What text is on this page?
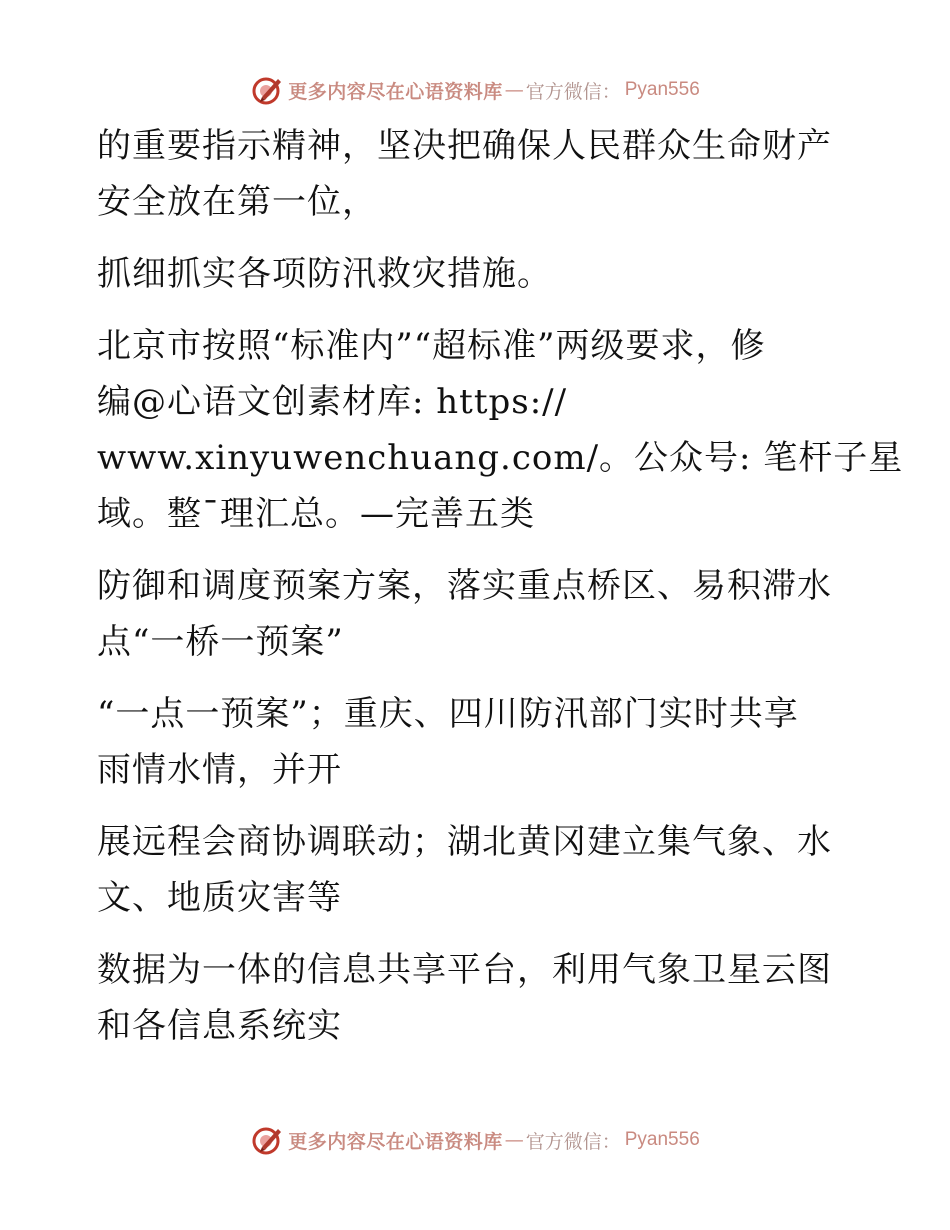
更多内容尽在心语资料库 — 官方微信： Pyan556
的重要指示精神，坚决把确保人民群众生命财产
安全放在第一位，
抓细抓实各项防汛救灾措施。
北京市按照“标准内”“超标准”两级要求，修
编@心语文创素材库: https://
www.xinyuwenchuang.com/。公众号: 笔杆子星
域。整¯理汇总。—完善五类
防御和调度预案方案，落实重点桥区、易积滞水
点“一桥一预案”
“一点一预案”；重庆、四川防汛部门实时共享
雨情水情，并开
展远程会商协调联动；湖北黄冈建立集气象、水
文、地质灾害等
数据为一体的信息共享平台，利用气象卫星云图
和各信息系统实
更多内容尽在心语资料库 — 官方微信： Pyan556
